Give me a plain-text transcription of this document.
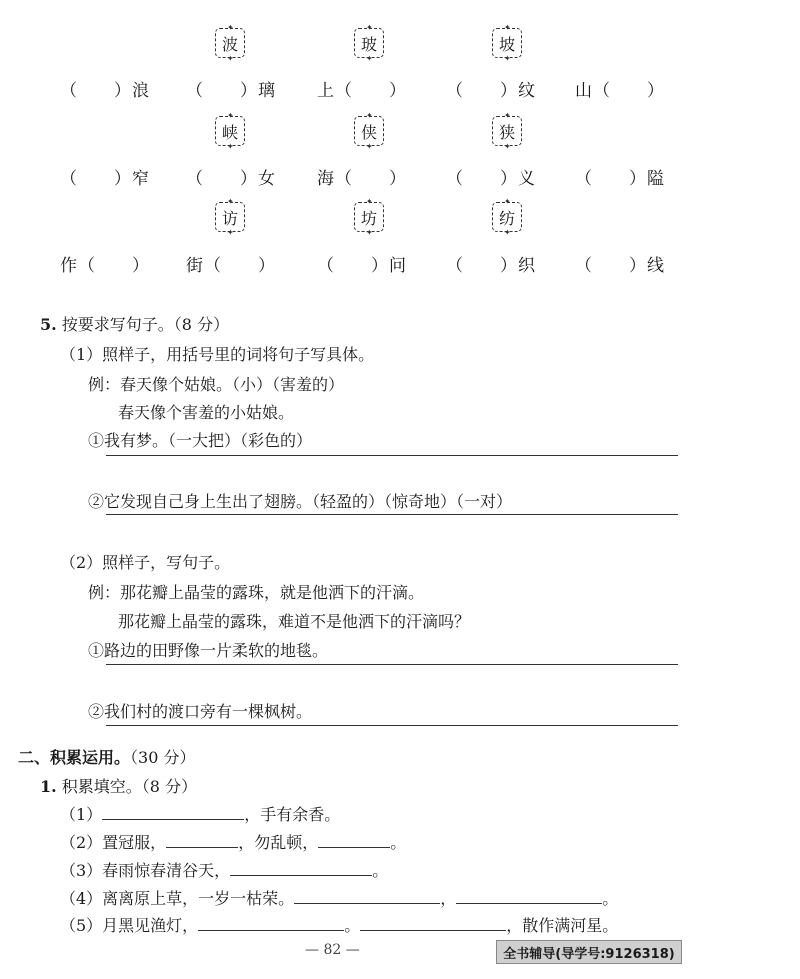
✦ 波 ✦	✦ 玻 ✦	✦ 坡 ✦
（　　）浪 （　　）璃 上（　　） （　　）纹 山（　　）
✦ 峡 ✦	✦ 侠 ✦	✦ 狭 ✦
（　　）窄 （　　）女 海（　　） （　　）义 （　　）隘
✦ 访 ✦	✦ 坊 ✦	✦ 纺 ✦
作（　　） 街（　　） （　　）问 （　　）织 （　　）线
5. 按要求写句子。（8 分）
（1）照样子，用括号里的词将句子写具体。
例：春天像个姑娘。（小）（害羞的）
春天像个害羞的小姑娘。
①我有梦。（一大把）（彩色的）
②它发现自己身上生出了翅膀。（轻盈的）（惊奇地）（一对）
（2）照样子，写句子。
例：那花瓣上晶莹的露珠，就是他洒下的汗滴。
那花瓣上晶莹的露珠，难道不是他洒下的汗滴吗？
①路边的田野像一片柔软的地毯。
②我们村的渡口旁有一棵枫树。
二、积累运用。（30 分）
1. 积累填空。（8 分）
（1）	，手有余香。
（2）置冠服，	，勿乱顿，	。
（3）春雨惊春清谷天，	。
（4）离离原上草，一岁一枯荣。	，	。
（5）月黑见渔灯，	。	，散作满河星。
— 82 —	全书辅导(导学号:9126318)
